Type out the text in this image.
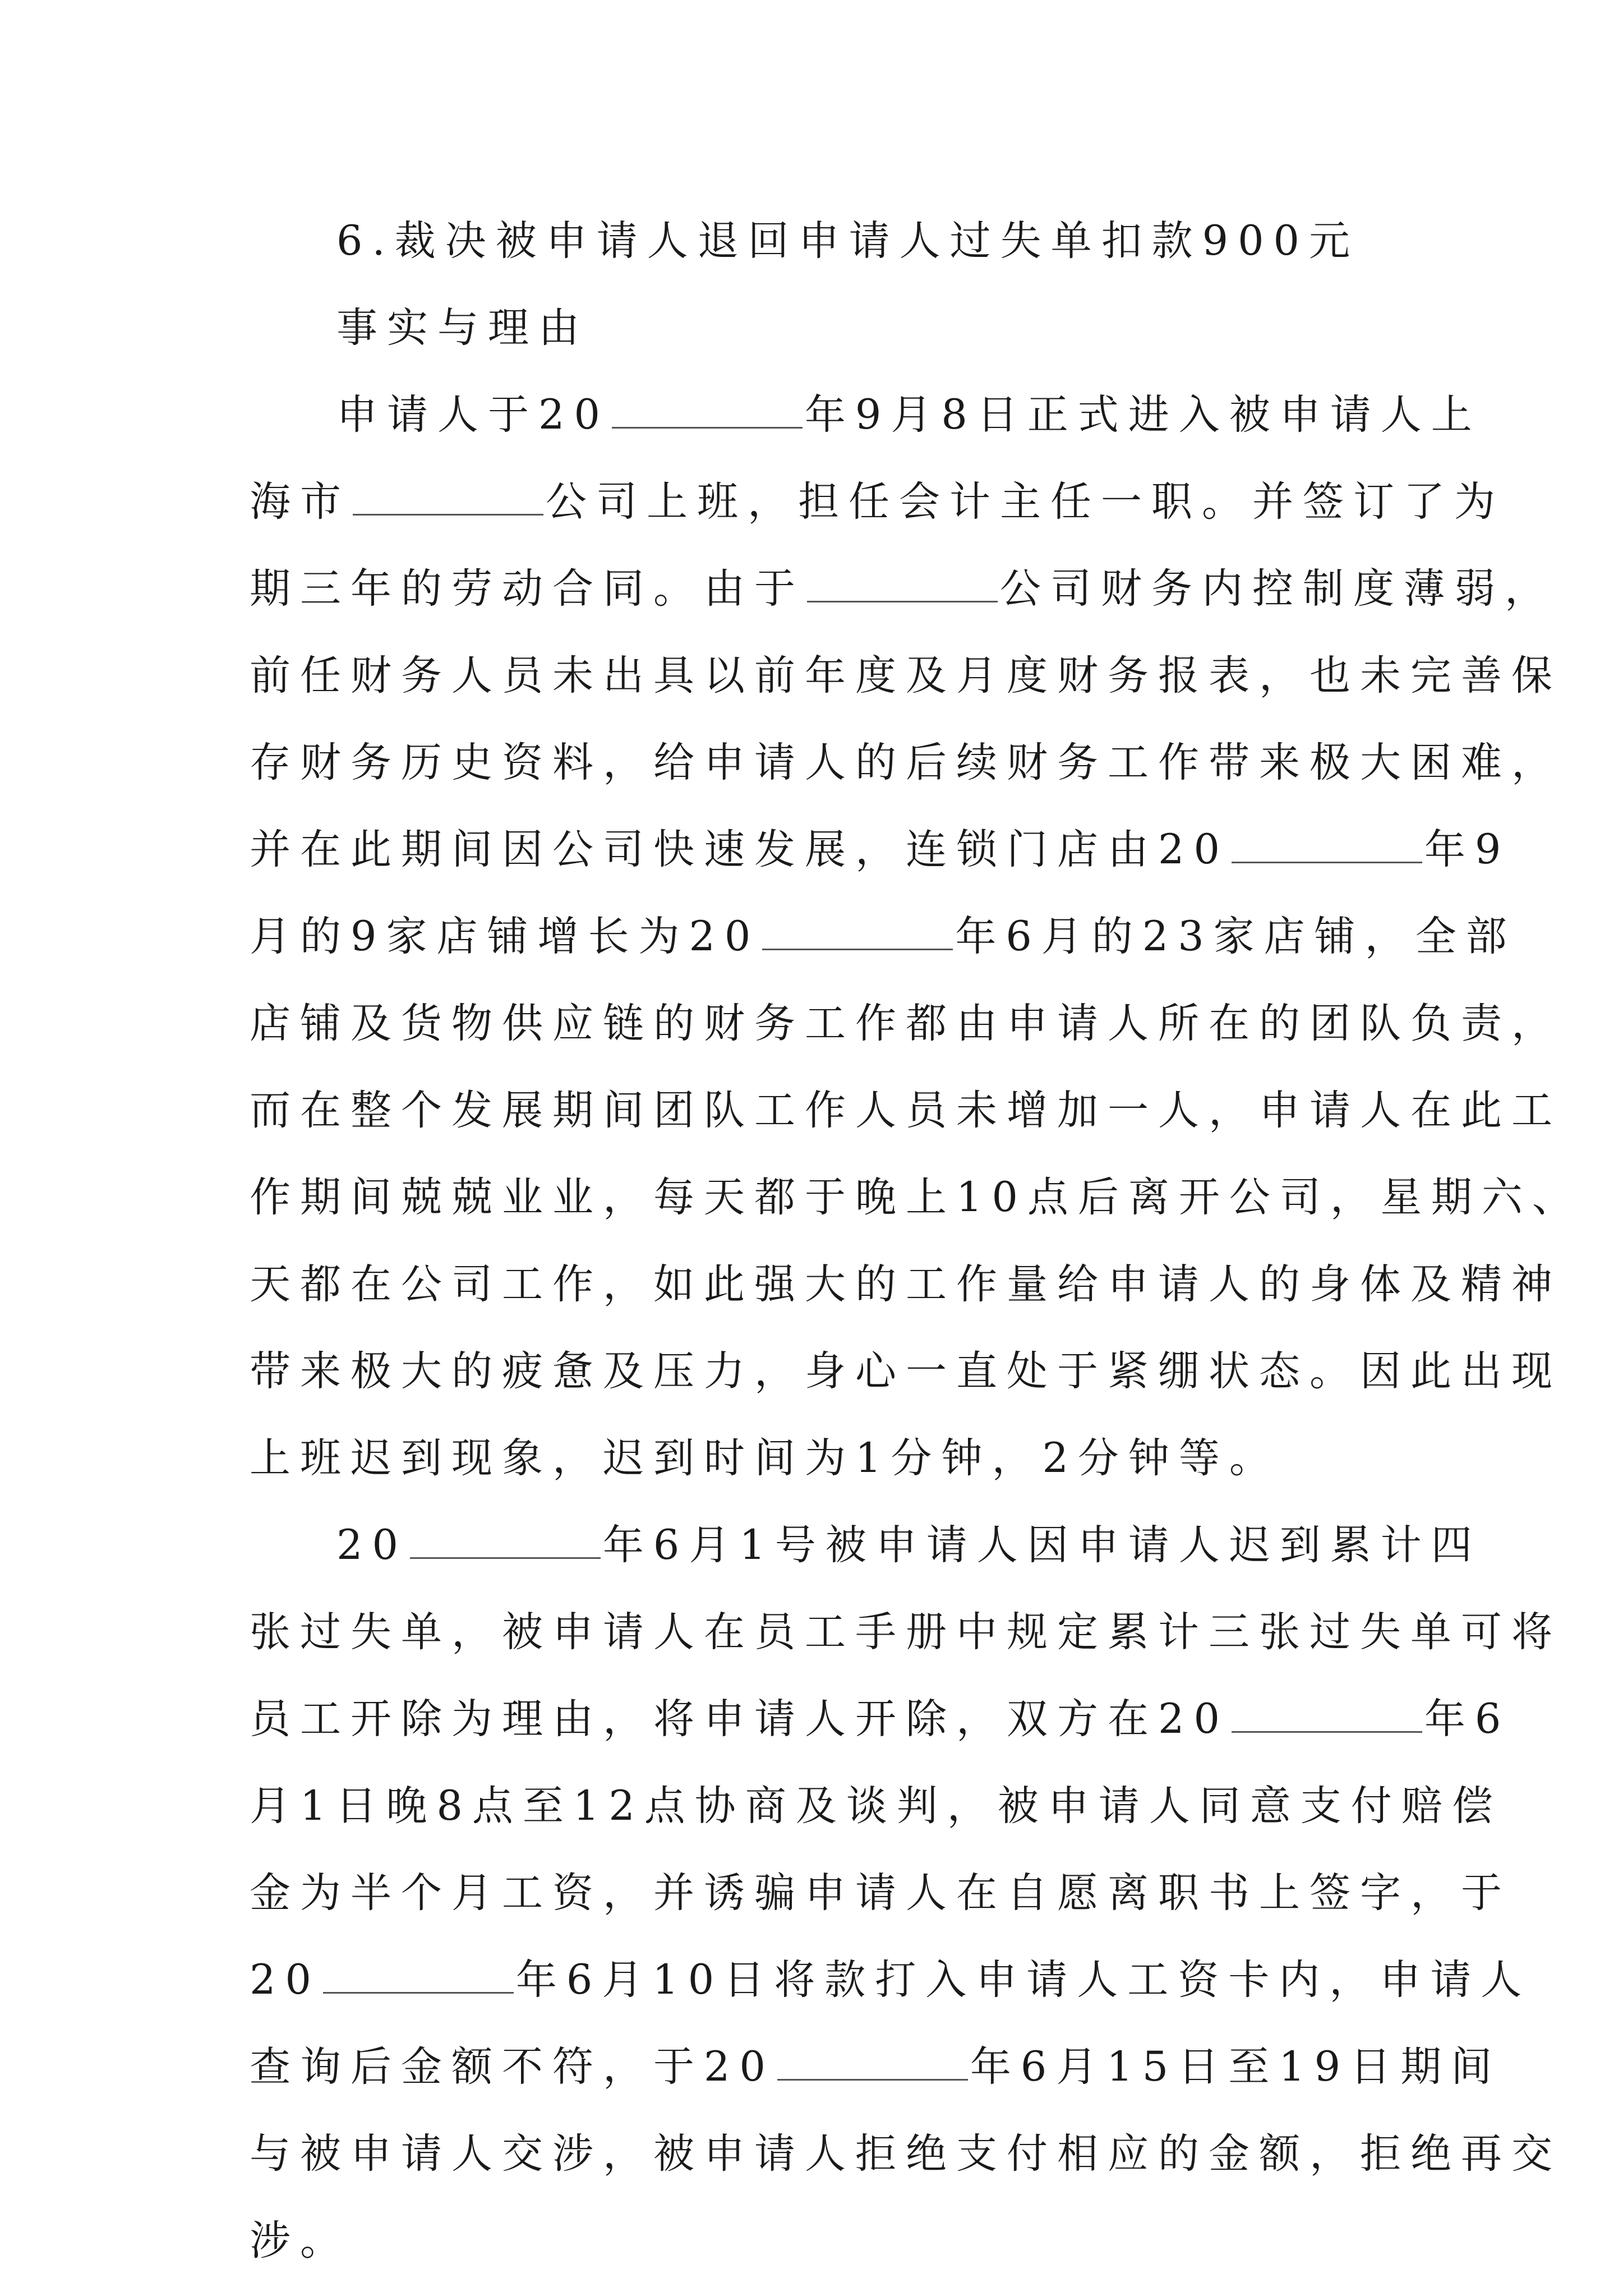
6.裁决被申请人退回申请人过失单扣款900元
事实与理由
申请人于20	年9月8日正式进入被申请人上
海市	公司上班，担任会计主任一职。并签订了为
期三年的劳动合同。由于	公司财务内控制度薄弱，
前任财务人员未出具以前年度及月度财务报表，也未完善保
存财务历史资料，给申请人的后续财务工作带来极大困难，
并在此期间因公司快速发展，连锁门店由20	年9
月的9家店铺增长为20	年6月的23家店铺，全部
店铺及货物供应链的财务工作都由申请人所在的团队负责，
而在整个发展期间团队工作人员未增加一人，申请人在此工
作期间兢兢业业，每天都于晚上10点后离开公司，星期六、
天都在公司工作，如此强大的工作量给申请人的身体及精神
带来极大的疲惫及压力，身心一直处于紧绷状态。因此出现
上班迟到现象，迟到时间为1分钟，2分钟等。
20	年6月1号被申请人因申请人迟到累计四
张过失单，被申请人在员工手册中规定累计三张过失单可将
员工开除为理由，将申请人开除，双方在20	年6
月1日晚8点至12点协商及谈判，被申请人同意支付赔偿
金为半个月工资，并诱骗申请人在自愿离职书上签字，于
20	年6月10日将款打入申请人工资卡内，申请人
查询后金额不符，于20	年6月15日至19日期间
与被申请人交涉，被申请人拒绝支付相应的金额，拒绝再交
涉。
